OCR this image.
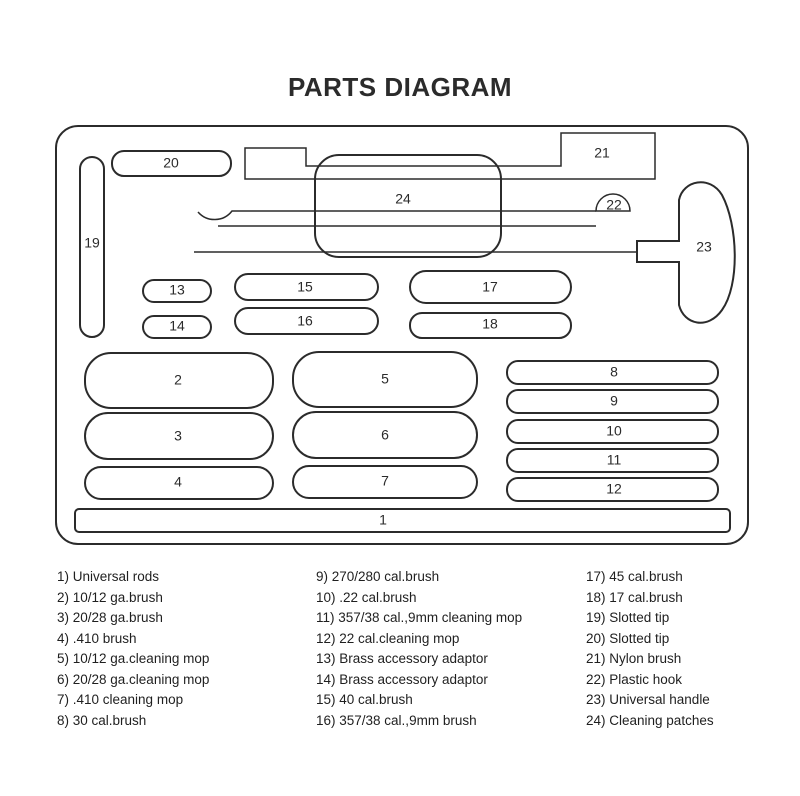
PARTS DIAGRAM
20
21
24	22
23
19
13
14
15
16
17
18
2
3
4
5
6
7
8
9
10
11
12
1
1) Universal rods
2) 10/12 ga.brush
3) 20/28 ga.brush
4) .410 brush
5) 10/12 ga.cleaning mop
6) 20/28 ga.cleaning mop
7) .410 cleaning mop
8) 30 cal.brush
9) 270/280 cal.brush
10) .22 cal.brush
11) 357/38 cal.,9mm cleaning mop
12) 22 cal.cleaning mop
13) Brass accessory adaptor
14) Brass accessory adaptor
15) 40 cal.brush
16) 357/38 cal.,9mm brush
17) 45 cal.brush
18) 17 cal.brush
19) Slotted tip
20) Slotted tip
21) Nylon brush
22) Plastic hook
23) Universal handle
24) Cleaning patches
